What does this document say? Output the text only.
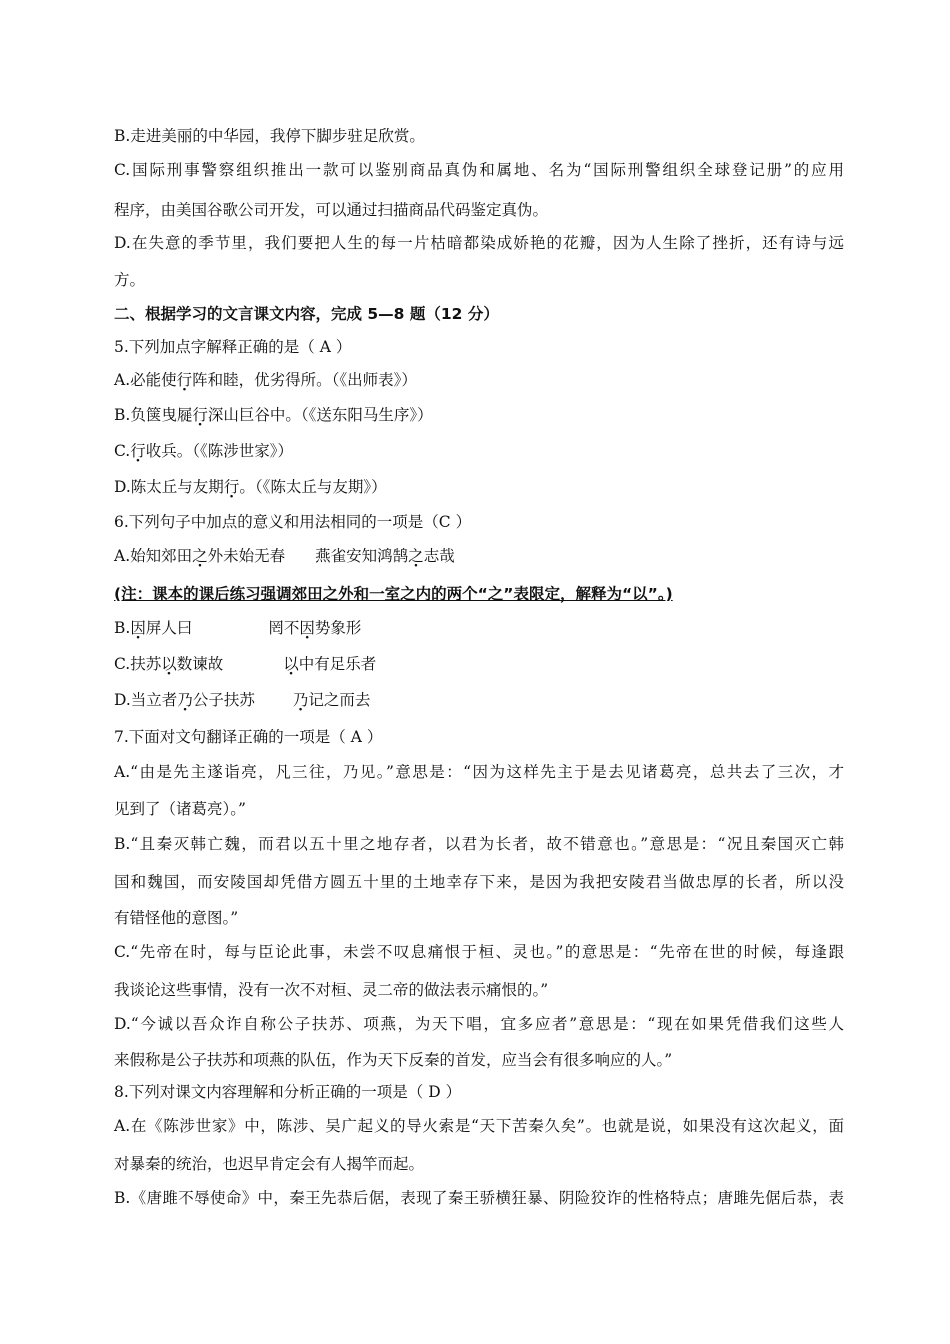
B.走进美丽的中华园，我停下脚步驻足欣赏。
C.国际刑事警察组织推出一款可以鉴别商品真伪和属地、名为“国际刑警组织全球登记册”的应用
程序，由美国谷歌公司开发，可以通过扫描商品代码鉴定真伪。
D.在失意的季节里，我们要把人生的每一片枯暗都染成娇艳的花瓣，因为人生除了挫折，还有诗与远
方。
二、根据学习的文言课文内容，完成 5—8 题（12 分）
5.下列加点字解释正确的是（ A ）
A.必能使行阵和睦，优劣得所。（《出师表》）
B.负箧曳屣行深山巨谷中。（《送东阳马生序》）
C.行收兵。（《陈涉世家》）
D.陈太丘与友期行。（《陈太丘与友期》）
6.下列句子中加点的意义和用法相同的一项是（C ）
A.始知郊田之外未始无春 燕雀安知鸿鹄之志哉
(注：课本的课后练习强调郊田之外和一室之内的两个“之”表限定，解释为“以”。)
B.因屏人曰	罔不因势象形
C.扶苏以数谏故	以中有足乐者
D.当立者乃公子扶苏 乃记之而去
7.下面对文句翻译正确的一项是（ A ）
A.“由是先主遂诣亮，凡三往，乃见。”意思是：“因为这样先主于是去见诸葛亮，总共去了三次，才
见到了（诸葛亮）。”
B.“且秦灭韩亡魏，而君以五十里之地存者，以君为长者，故不错意也。”意思是：“况且秦国灭亡韩
国和魏国，而安陵国却凭借方圆五十里的土地幸存下来，是因为我把安陵君当做忠厚的长者，所以没
有错怪他的意图。”
C.“先帝在时，每与臣论此事，未尝不叹息痛恨于桓、灵也。”的意思是：“先帝在世的时候，每逢跟
我谈论这些事情，没有一次不对桓、灵二帝的做法表示痛恨的。”
D.“今诚以吾众诈自称公子扶苏、项燕，为天下唱，宜多应者”意思是：“现在如果凭借我们这些人
来假称是公子扶苏和项燕的队伍，作为天下反秦的首发，应当会有很多响应的人。”
8.下列对课文内容理解和分析正确的一项是（ D ）
A.在《陈涉世家》中，陈涉、吴广起义的导火索是“天下苦秦久矣”。也就是说，如果没有这次起义，面
对暴秦的统治，也迟早肯定会有人揭竿而起。
B.《唐雎不辱使命》中，秦王先恭后倨，表现了秦王骄横狂暴、阴险狡诈的性格特点；唐雎先倨后恭，表
